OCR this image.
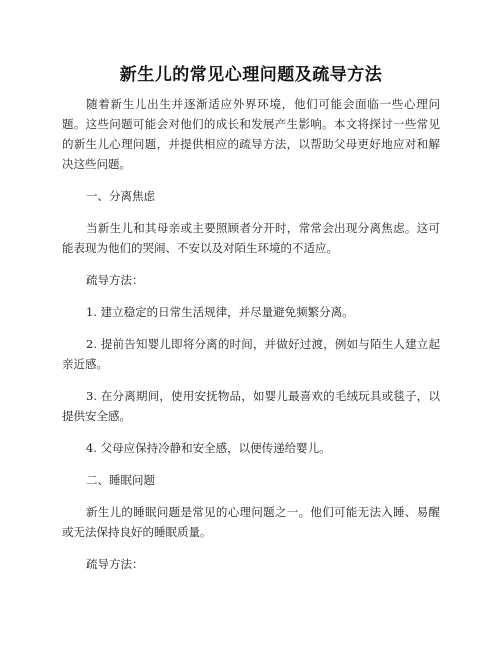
新生儿的常见心理问题及疏导方法

随着新生儿出生并逐渐适应外界环境，他们可能会面临一些心理问题。这些问题可能会对他们的成长和发展产生影响。本文将探讨一些常见的新生儿心理问题，并提供相应的疏导方法，以帮助父母更好地应对和解决这些问题。

一、分离焦虑

当新生儿和其母亲或主要照顾者分开时，常常会出现分离焦虑。这可能表现为他们的哭闹、不安以及对陌生环境的不适应。

疏导方法：

1. 建立稳定的日常生活规律，并尽量避免频繁分离。

2. 提前告知婴儿即将分离的时间，并做好过渡，例如与陌生人建立起亲近感。

3. 在分离期间，使用安抚物品，如婴儿最喜欢的毛绒玩具或毯子，以提供安全感。

4. 父母应保持冷静和安全感，以便传递给婴儿。

二、睡眠问题

新生儿的睡眠问题是常见的心理问题之一。他们可能无法入睡、易醒或无法保持良好的睡眠质量。

疏导方法：
